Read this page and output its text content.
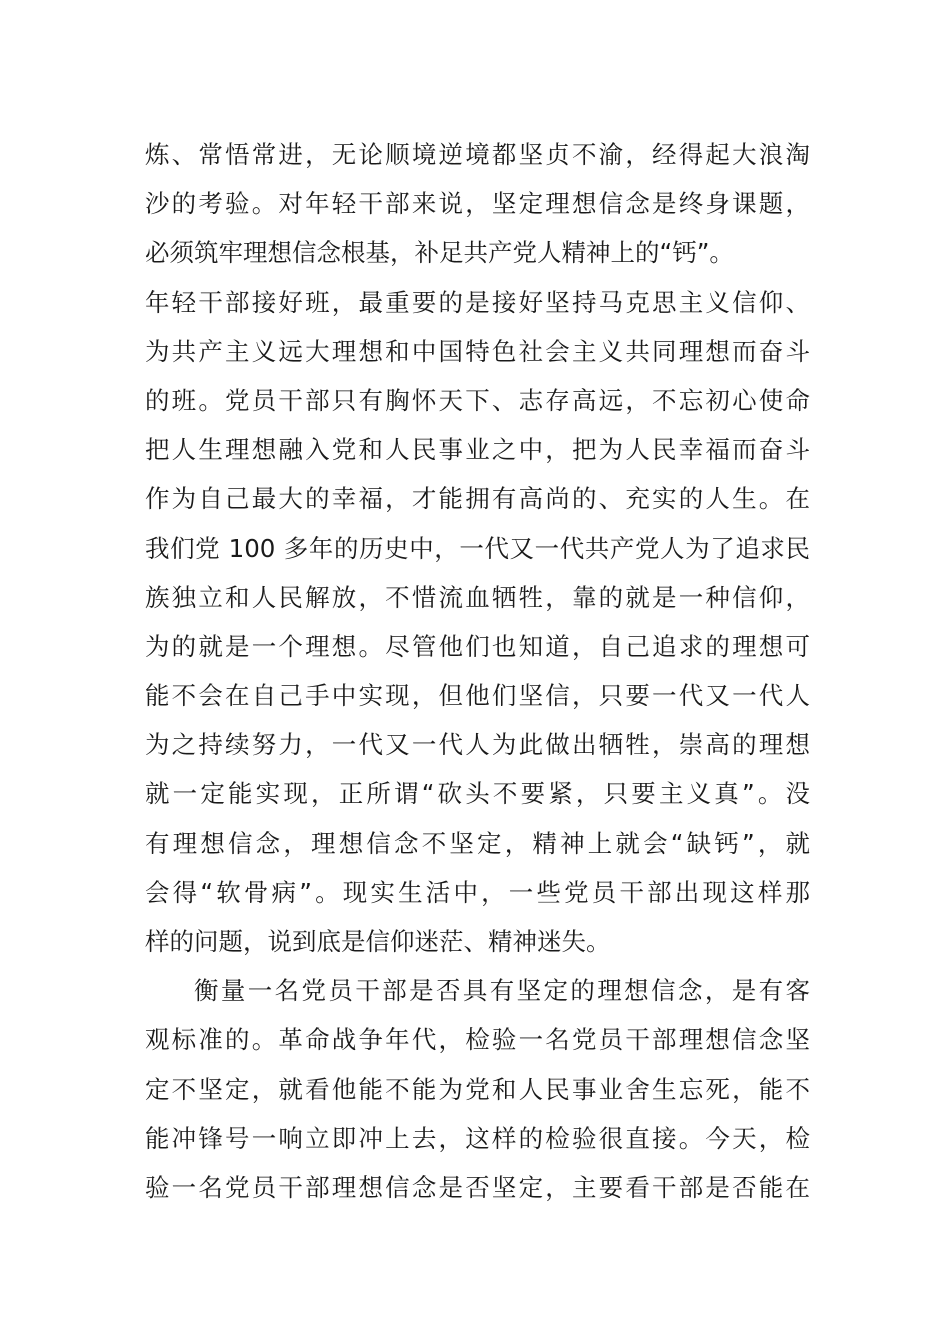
炼、常悟常进，无论顺境逆境都坚贞不渝，经得起大浪淘
沙的考验。对年轻干部来说，坚定理想信念是终身课题，
必须筑牢理想信念根基，补足共产党人精神上的“钙”。
年轻干部接好班，最重要的是接好坚持马克思主义信仰、
为共产主义远大理想和中国特色社会主义共同理想而奋斗
的班。党员干部只有胸怀天下、志存高远，不忘初心使命
把人生理想融入党和人民事业之中，把为人民幸福而奋斗
作为自己最大的幸福，才能拥有高尚的、充实的人生。在
我们党 100 多年的历史中，一代又一代共产党人为了追求民
族独立和人民解放，不惜流血牺牲，靠的就是一种信仰，
为的就是一个理想。尽管他们也知道，自己追求的理想可
能不会在自己手中实现，但他们坚信，只要一代又一代人
为之持续努力，一代又一代人为此做出牺牲，崇高的理想
就一定能实现，正所谓“砍头不要紧，只要主义真”。没
有理想信念，理想信念不坚定，精神上就会“缺钙”，就
会得“软骨病”。现实生活中，一些党员干部出现这样那
样的问题，说到底是信仰迷茫、精神迷失。
衡量一名党员干部是否具有坚定的理想信念，是有客
观标准的。革命战争年代，检验一名党员干部理想信念坚
定不坚定，就看他能不能为党和人民事业舍生忘死，能不
能冲锋号一响立即冲上去，这样的检验很直接。今天，检
验一名党员干部理想信念是否坚定，主要看干部是否能在
